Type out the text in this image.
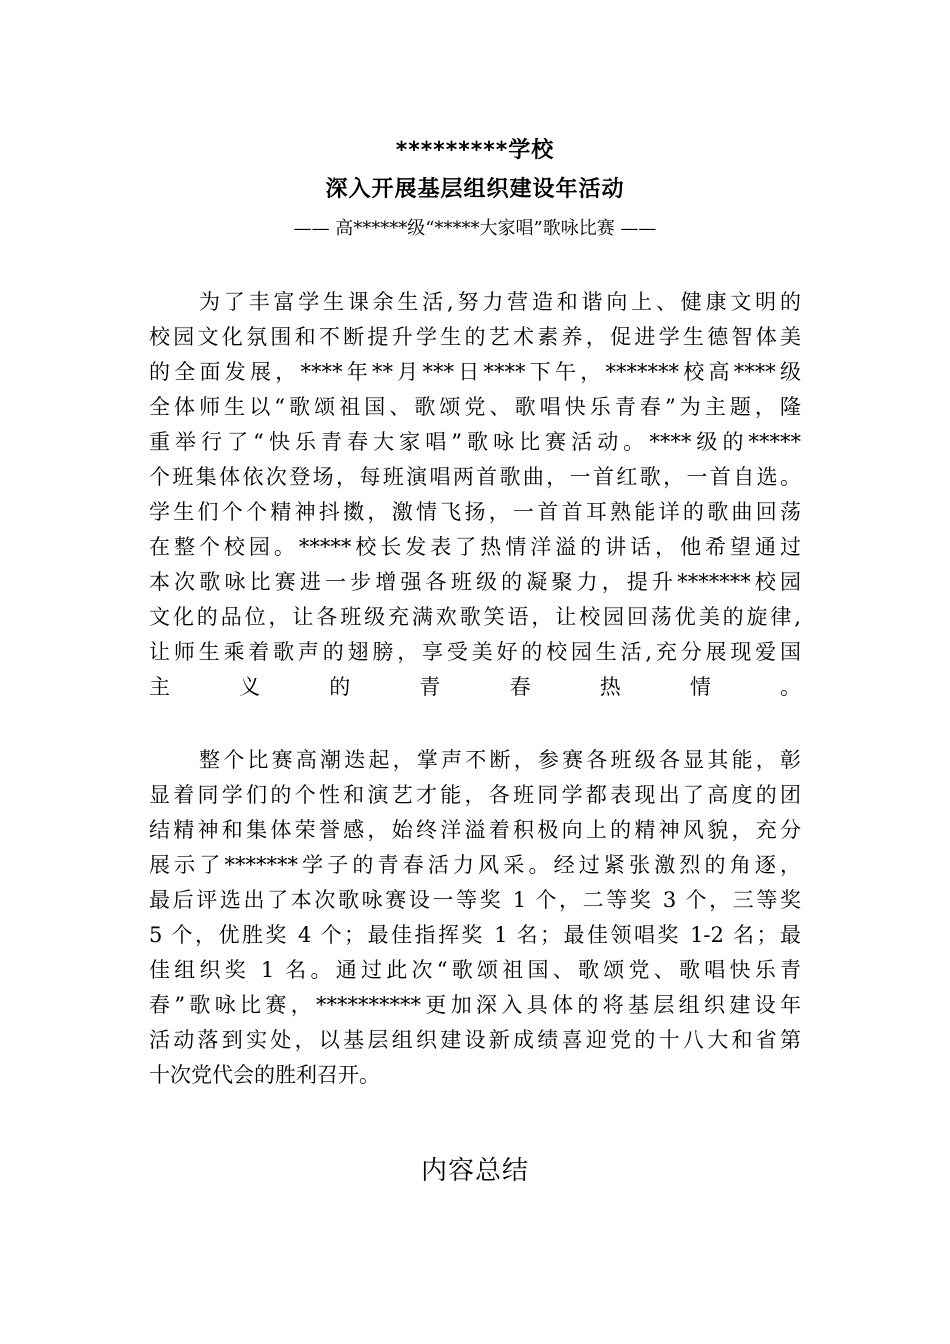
*********学校
深入开展基层组织建设年活动
—— 高******级“*****大家唱”歌咏比赛 ——
为了丰富学生课余生活,努力营造和谐向上、健康文明的
校园文化氛围和不断提升学生的艺术素养，促进学生德智体美
的全面发展，****年**月***日****下午，*******校高****级
全体师生以“歌颂祖国、歌颂党、歌唱快乐青春”为主题，隆
重举行了“快乐青春大家唱”歌咏比赛活动。****级的*****
个班集体依次登场，每班演唱两首歌曲，一首红歌，一首自选。
学生们个个精神抖擞，激情飞扬，一首首耳熟能详的歌曲回荡
在整个校园。*****校长发表了热情洋溢的讲话，他希望通过
本次歌咏比赛进一步增强各班级的凝聚力，提升*******校园
文化的品位，让各班级充满欢歌笑语，让校园回荡优美的旋律,
让师生乘着歌声的翅膀，享受美好的校园生活,充分展现爱国
主义的青春热情。
整个比赛高潮迭起，掌声不断，参赛各班级各显其能，彰
显着同学们的个性和演艺才能，各班同学都表现出了高度的团
结精神和集体荣誉感，始终洋溢着积极向上的精神风貌，充分
展示了*******学子的青春活力风采。经过紧张激烈的角逐，
最后评选出了本次歌咏赛设一等奖 1 个，二等奖 3 个，三等奖
5 个，优胜奖 4 个；最佳指挥奖 1 名；最佳领唱奖 1-2 名；最
佳组织奖 1 名。通过此次“歌颂祖国、歌颂党、歌唱快乐青
春”歌咏比赛，**********更加深入具体的将基层组织建设年
活动落到实处，以基层组织建设新成绩喜迎党的十八大和省第
十次党代会的胜利召开。
内容总结
